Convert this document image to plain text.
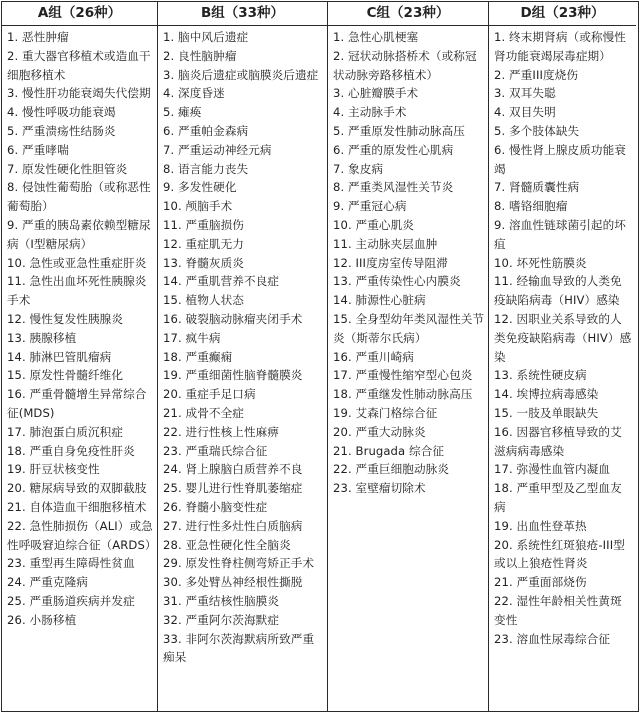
A组（26种）
1. 恶性肿瘤
2. 重大器官移植术或造血干细胞移植术
3. 慢性肝功能衰竭失代偿期
4. 慢性呼吸功能衰竭
5. 严重溃疡性结肠炎
6. 严重哮喘
7. 原发性硬化性胆管炎
8. 侵蚀性葡萄胎（或称恶性葡萄胎）
9. 严重的胰岛素依赖型糖尿病（Ⅰ型糖尿病）
10. 急性或亚急性重症肝炎
11. 急性出血坏死性胰腺炎手术
12. 慢性复发性胰腺炎
13. 胰腺移植
14. 肺淋巴管肌瘤病
15. 原发性骨髓纤维化
16. 严重骨髓增生异常综合征(MDS)
17. 肺泡蛋白质沉积症
18. 严重自身免疫性肝炎
19. 肝豆状核变性
20. 糖尿病导致的双脚截肢
21. 自体造血干细胞移植术
22. 急性肺损伤（ALI）或急性呼吸窘迫综合征（ARDS）
23. 重型再生障碍性贫血
24. 严重克隆病
25. 严重肠道疾病并发症
26. 小肠移植
B组（33种）
1. 脑中风后遗症
2. 良性脑肿瘤
3. 脑炎后遗症或脑膜炎后遗症
4. 深度昏迷
5. 瘫痪
6. 严重帕金森病
7. 严重运动神经元病
8. 语言能力丧失
9. 多发性硬化
10. 颅脑手术
11. 严重脑损伤
12. 重症肌无力
13. 脊髓灰质炎
14. 严重肌营养不良症
15. 植物人状态
16. 破裂脑动脉瘤夹闭手术
17. 疯牛病
18. 严重癫痫
19. 严重细菌性脑脊髓膜炎
20. 重症手足口病
21. 成骨不全症
22. 进行性核上性麻痹
23. 严重瑞氏综合征
24. 肾上腺脑白质营养不良
25. 婴儿进行性脊肌萎缩症
26. 脊髓小脑变性症
27. 进行性多灶性白质脑病
28. 亚急性硬化性全脑炎
29. 原发性脊柱侧弯矫正手术
30. 多处臂丛神经根性撕脱
31. 严重结核性脑膜炎
32. 严重阿尔茨海默症
33. 非阿尔茨海默病所致严重痴呆
C组（23种）
1. 急性心肌梗塞
2. 冠状动脉搭桥术（或称冠状动脉旁路移植术）
3. 心脏瓣膜手术
4. 主动脉手术
5. 严重原发性肺动脉高压
6. 严重的原发性心肌病
7. 象皮病
8. 严重类风湿性关节炎
9. 严重冠心病
10. 严重心肌炎
11. 主动脉夹层血肿
12. III度房室传导阻滞
13. 严重传染性心内膜炎
14. 肺源性心脏病
15. 全身型幼年类风湿性关节炎（斯蒂尔氏病）
16. 严重川崎病
17. 严重慢性缩窄型心包炎
18. 严重继发性肺动脉高压
19. 艾森门格综合征
20. 严重大动脉炎
21. Brugada 综合征
22. 严重巨细胞动脉炎
23. 室壁瘤切除术
D组（23种）
1. 终末期肾病（或称慢性肾功能衰竭尿毒症期）
2. 严重III度烧伤
3. 双耳失聪
4. 双目失明
5. 多个肢体缺失
6. 慢性肾上腺皮质功能衰竭
7. 肾髓质囊性病
8. 嗜铬细胞瘤
9. 溶血性链球菌引起的坏疽
10. 坏死性筋膜炎
11. 经输血导致的人类免疫缺陷病毒（HIV）感染
12. 因职业关系导致的人类免疫缺陷病毒（HIV）感染
13. 系统性硬皮病
14. 埃博拉病毒感染
15. 一肢及单眼缺失
16. 因器官移植导致的艾滋病病毒感染
17. 弥漫性血管内凝血
18. 严重甲型及乙型血友病
19. 出血性登革热
20. 系统性红斑狼疮-III型或以上狼疮性肾炎
21. 严重面部烧伤
22. 湿性年龄相关性黄斑变性
23. 溶血性尿毒综合征
